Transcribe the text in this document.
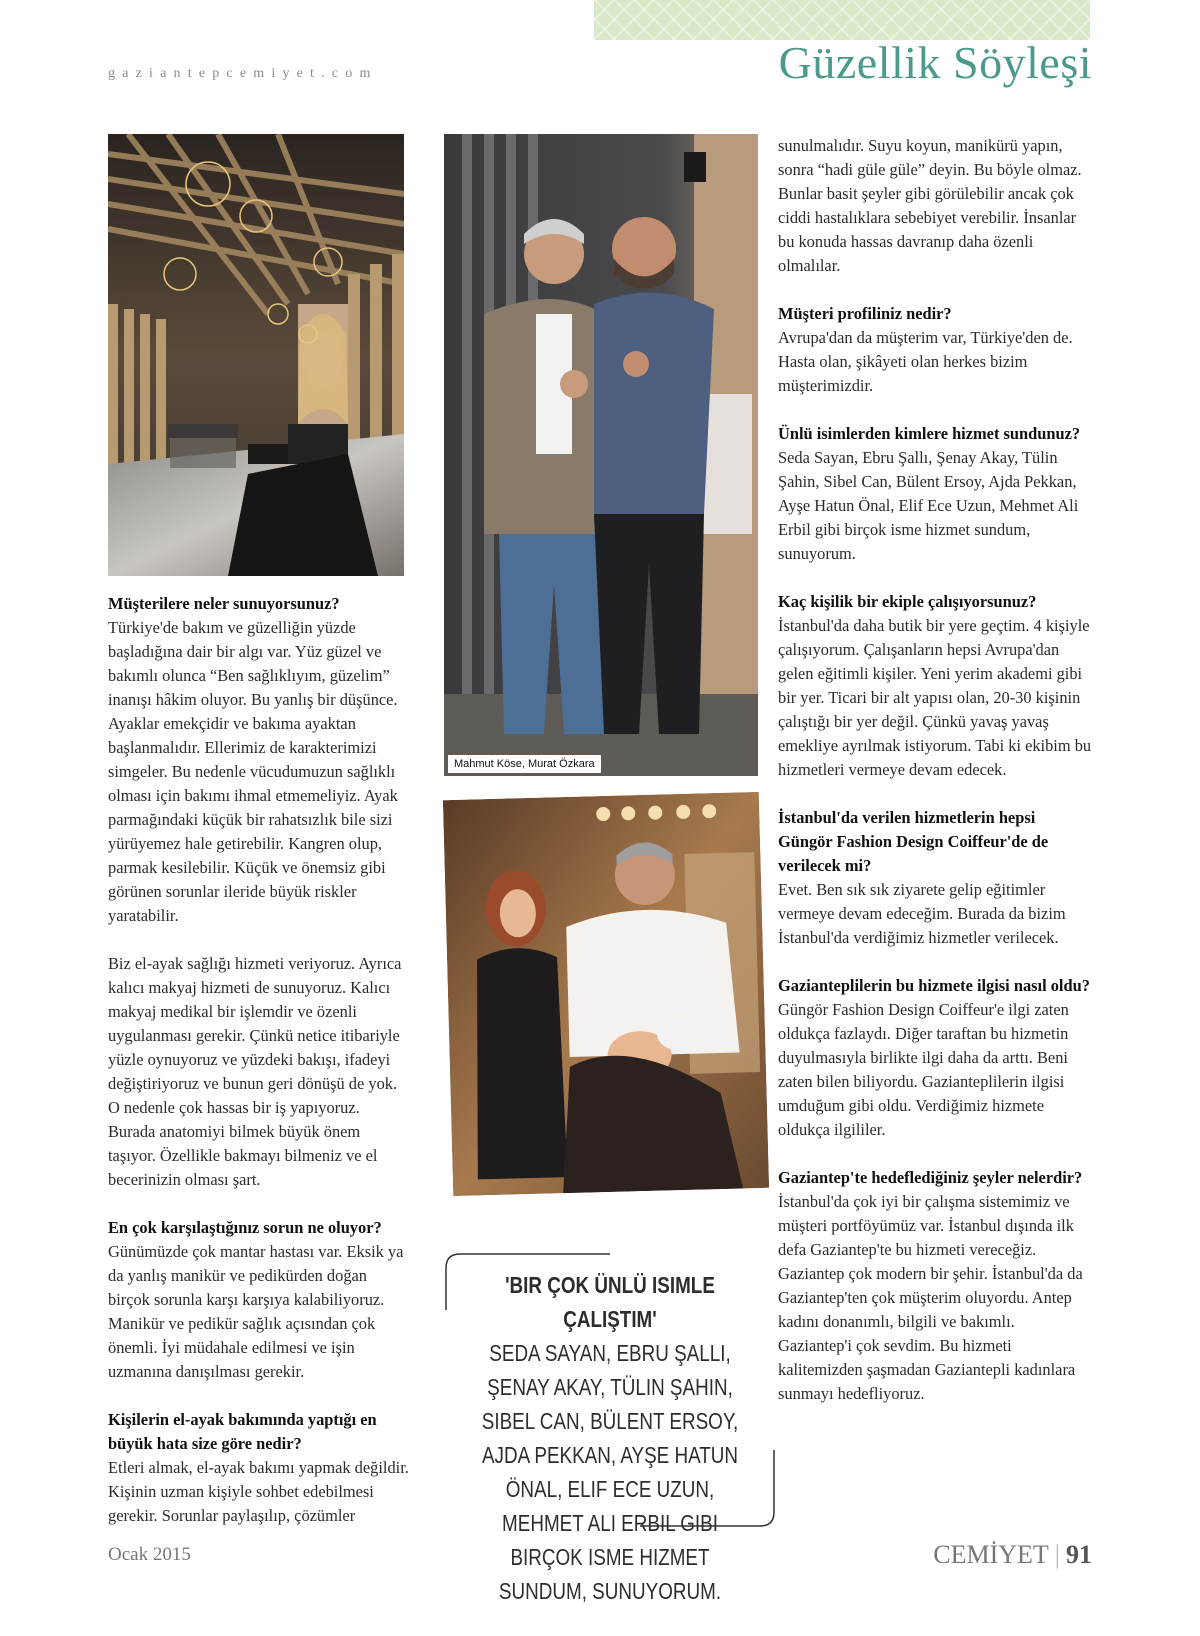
gaziantepcemiyet.com	Güzellik Söyleşi
Mahmut Köse, Murat Özkara
'BIR ÇOK ÜNLÜ ISIMLE ÇALIŞTIM'
SEDA SAYAN, EBRU ŞALLI, ŞENAY AKAY, TÜLIN ŞAHIN, SIBEL CAN, BÜLENT ERSOY, AJDA PEKKAN, AYŞE HATUN ÖNAL, ELIF ECE UZUN, MEHMET ALI ERBIL GIBI BIRÇOK ISME HIZMET SUNDUM, SUNUYORUM.

Müşterilere neler sunuyorsunuz?
Türkiye'de bakım ve güzelliğin yüzde başladığına dair bir algı var. Yüz güzel ve bakımlı olunca “Ben sağlıklıyım, güzelim” inanışı hâkim oluyor. Bu yanlış bir düşünce. Ayaklar emekçidir ve bakıma ayaktan başlanmalıdır. Ellerimiz de karakterimizi simgeler. Bu nedenle vücudumuzun sağlıklı olması için bakımı ihmal etmemeliyiz. Ayak parmağındaki küçük bir rahatsızlık bile sizi yürüyemez hale getirebilir. Kangren olup, parmak kesilebilir. Küçük ve önemsiz gibi görünen sorunlar ileride büyük riskler yaratabilir.

Biz el-ayak sağlığı hizmeti veriyoruz. Ayrıca kalıcı makyaj hizmeti de sunuyoruz. Kalıcı makyaj medikal bir işlemdir ve özenli uygulanması gerekir. Çünkü netice itibariyle yüzle oynuyoruz ve yüzdeki bakışı, ifadeyi değiştiriyoruz ve bunun geri dönüşü de yok. O nedenle çok hassas bir iş yapıyoruz. Burada anatomiyi bilmek büyük önem taşıyor. Özellikle bakmayı bilmeniz ve el becerinizin olması şart.

En çok karşılaştığınız sorun ne oluyor?
Günümüzde çok mantar hastası var. Eksik ya da yanlış manikür ve pedikürden doğan birçok sorunla karşı karşıya kalabiliyoruz. Manikür ve pedikür sağlık açısından çok önemli. İyi müdahale edilmesi ve işin uzmanına danışılması gerekir.

Kişilerin el-ayak bakımında yaptığı en büyük hata size göre nedir?
Etleri almak, el-ayak bakımı yapmak değildir. Kişinin uzman kişiyle sohbet edebilmesi gerekir. Sorunlar paylaşılıp, çözümler

sunulmalıdır. Suyu koyun, manikürü yapın, sonra “hadi güle güle” deyin. Bu böyle olmaz. Bunlar basit şeyler gibi görülebilir ancak çok ciddi hastalıklara sebebiyet verebilir. İnsanlar bu konuda hassas davranıp daha özenli olmalılar.

Müşteri profiliniz nedir?
Avrupa'dan da müşterim var, Türkiye'den de. Hasta olan, şikâyeti olan herkes bizim müşterimizdir.

Ünlü isimlerden kimlere hizmet sundunuz?
Seda Sayan, Ebru Şallı, Şenay Akay, Tülin Şahin, Sibel Can, Bülent Ersoy, Ajda Pekkan, Ayşe Hatun Önal, Elif Ece Uzun, Mehmet Ali Erbil gibi birçok isme hizmet sundum, sunuyorum.

Kaç kişilik bir ekiple çalışıyorsunuz?
İstanbul'da daha butik bir yere geçtim. 4 kişiyle çalışıyorum. Çalışanların hepsi Avrupa'dan gelen eğitimli kişiler. Yeni yerim akademi gibi bir yer. Ticari bir alt yapısı olan, 20-30 kişinin çalıştığı bir yer değil. Çünkü yavaş yavaş emekliye ayrılmak istiyorum. Tabi ki ekibim bu hizmetleri vermeye devam edecek.

İstanbul'da verilen hizmetlerin hepsi Güngör Fashion Design Coiffeur'de de verilecek mi?
Evet. Ben sık sık ziyarete gelip eğitimler vermeye devam edeceğim. Burada da bizim İstanbul'da verdiğimiz hizmetler verilecek.

Gazianteplilerin bu hizmete ilgisi nasıl oldu?
Güngör Fashion Design Coiffeur'e ilgi zaten oldukça fazlaydı. Diğer taraftan bu hizmetin duyulmasıyla birlikte ilgi daha da arttı. Beni zaten bilen biliyordu. Gazianteplilerin ilgisi umduğum gibi oldu. Verdiğimiz hizmete oldukça ilgililer.

Gaziantep'te hedeflediğiniz şeyler nelerdir?
İstanbul'da çok iyi bir çalışma sistemimiz ve müşteri portföyümüz var. İstanbul dışında ilk defa Gaziantep'te bu hizmeti vereceğiz. Gaziantep çok modern bir şehir. İstanbul'da da Gaziantep'ten çok müşterim oluyordu. Antep kadını donanımlı, bilgili ve bakımlı. Gaziantep'i çok sevdim. Bu hizmeti kalitemizden şaşmadan Gaziantepli kadınlara sunmayı hedefliyoruz.

Ocak 2015	CEMİYET | 91
